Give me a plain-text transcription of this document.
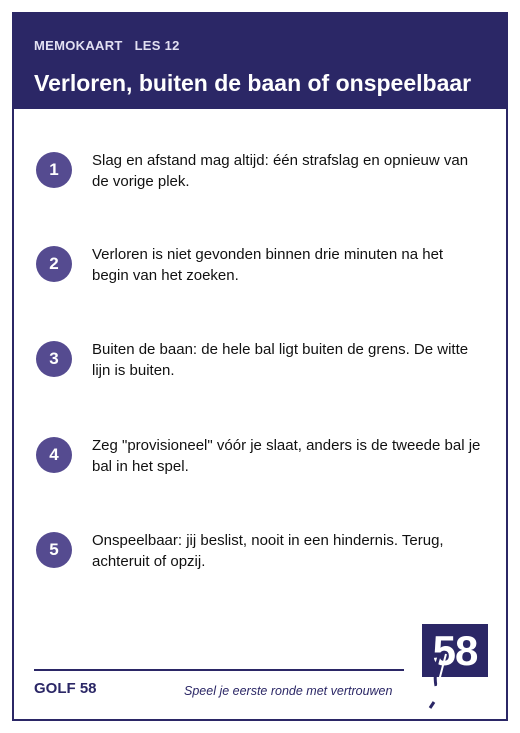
MEMOKAART LES 12
Verloren, buiten de baan of onspeelbaar
1	Slag en afstand mag altijd: één strafslag en opnieuw van de vorige plek.
2	Verloren is niet gevonden binnen drie minuten na het begin van het zoeken.
3	Buiten de baan: de hele bal ligt buiten de grens. De witte lijn is buiten.
4	Zeg "provisioneel" vóór je slaat, anders is de tweede bal je bal in het spel.
5	Onspeelbaar: jij beslist, nooit in een hindernis. Terug, achteruit of opzij.
GOLF 58	Speel je eerste ronde met vertrouwen
58
